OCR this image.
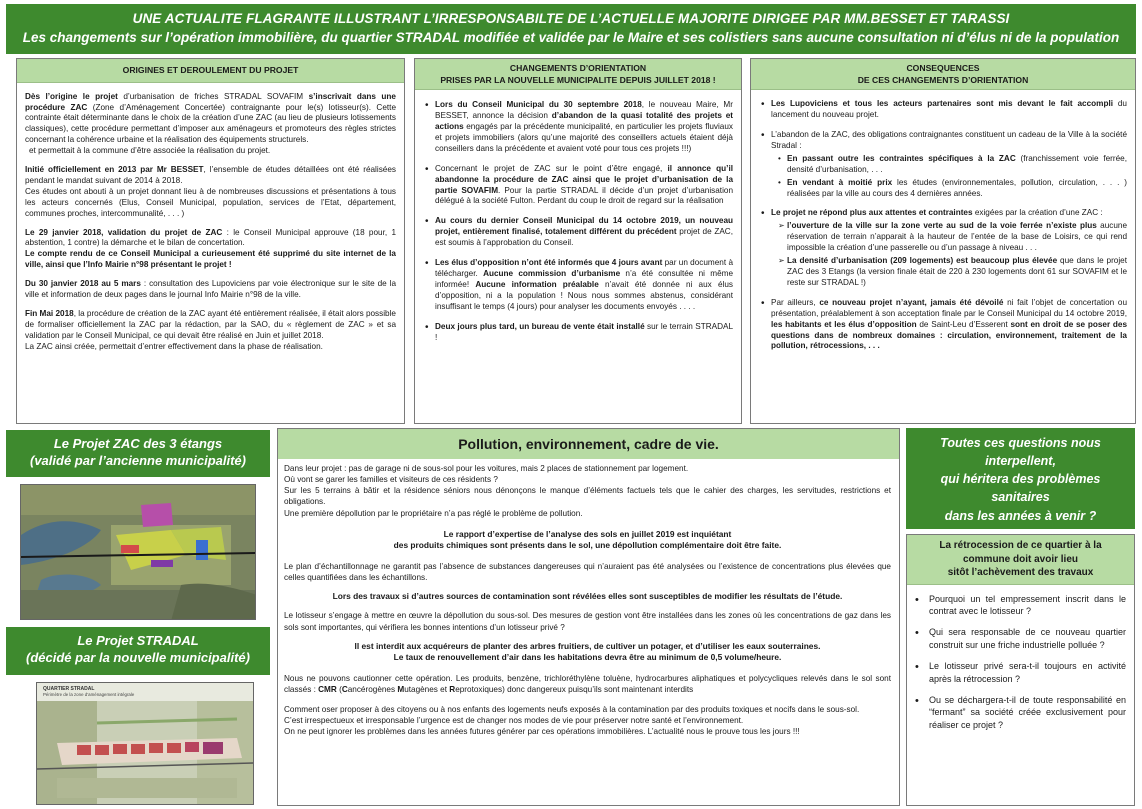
UNE ACTUALITE FLAGRANTE ILLUSTRANT L’IRRESPONSABILTE DE L’ACTUELLE MAJORITE DIRIGEE PAR MM.BESSET ET TARASSI
Les changements sur l’opération immobilière, du quartier STRADAL modifiée et validée par le Maire et ses colistiers sans aucune consultation ni d’élus ni de la population
ORIGINES ET DEROULEMENT DU PROJET
Dès l’origine le projet d’urbanisation de friches STRADAL SOVAFIM s’inscrivait dans une procédure ZAC (Zone d’Aménagement Concertée) contraignante pour le(s) lotisseur(s). Cette contrainte était déterminante dans le choix de la création d’une ZAC (au lieu de plusieurs lotissements classiques), cette procédure permettant d’imposer aux aménageurs et promoteurs des règles strictes concernant la cohérence urbaine et la réalisation des équipements structurels.
et permettait à la commune d’être associée la réalisation du projet.
Initié officiellement en 2013 par Mr BESSET, l’ensemble de études détaillées ont été réalisées pendant le mandat suivant de 2014 à 2018.
Ces études ont abouti à un projet donnant lieu à de nombreuses discussions et présentations à tous les acteurs concernés (Elus, Conseil Municipal, population, services de l’Etat, département, communes proches, intercommunalité, . . . )
Le 29 janvier 2018, validation du projet de ZAC : le Conseil Municipal approuve (18 pour, 1 abstention, 1 contre) la démarche et le bilan de concertation.
Le compte rendu de ce Conseil Municipal a curieusement été supprimé du site internet de la ville, ainsi que l’Info Mairie n°98 présentant le projet !
Du 30 janvier 2018 au 5 mars : consultation des Lupoviciens par voie électronique sur le site de la ville et information de deux pages dans le journal Info Mairie n°98 de la ville.
Fin Mai 2018, la procédure de création de la ZAC ayant été entièrement réalisée, il était alors possible de formaliser officiellement la ZAC par la rédaction, par la SAO, du « règlement de ZAC » et sa validation par le Conseil Municipal, ce qui devait être réalisé en Juin et juillet 2018.
La ZAC ainsi créée, permettait d’entrer effectivement dans la phase de réalisation.
CHANGEMENTS D’ORIENTATION
PRISES PAR LA NOUVELLE MUNICIPALITE DEPUIS JUILLET 2018 !
• Lors du Conseil Municipal du 30 septembre 2018, le nouveau Maire, Mr BESSET, annonce la décision d’abandon de la quasi totalité des projets et actions engagés par la précédente municipalité, en particulier les projets fluviaux et projets immobiliers (alors qu’une majorité des conseillers actuels étaient déjà conseillers dans la précédente et avaient voté pour tous ces projets !!!)
• Concernant le projet de ZAC sur le point d’être engagé, il annonce qu’il abandonne la procédure de ZAC ainsi que le projet d’urbanisation de la partie SOVAFIM. Pour la partie STRADAL il décide d’un projet d’urbanisation délégué à la société Fulton. Perdant du coup le droit de regard sur la réalisation
• Au cours du dernier Conseil Municipal du 14 octobre 2019, un nouveau projet, entièrement finalisé, totalement différent du précédent projet de ZAC, est soumis à l’approbation du Conseil.
• Les élus d’opposition n’ont été informés que 4 jours avant par un document à télécharger. Aucune commission d’urbanisme n’a été consultée ni même informée! Aucune information préalable n’avait été donnée ni aux élus d’opposition, ni a la population ! Nous nous sommes abstenus, considérant insuffisant le temps (4 jours) pour analyser les documents envoyés . . . .
• Deux jours plus tard, un bureau de vente était installé sur le terrain STRADAL !
CONSEQUENCES
DE CES CHANGEMENTS D’ORIENTATION
• Les Lupoviciens et tous les acteurs partenaires sont mis devant le fait accompli du lancement du nouveau projet.
• L’abandon de la ZAC, des obligations contraignantes constituent un cadeau de la Ville à la société Stradal :
• En passant outre les contraintes spécifiques à la ZAC (franchissement voie ferrée, densité d’urbanisation, . . .
• En vendant à moitié prix les études (environnementales, pollution, circulation, . . . ) réalisées par la ville au cours des 4 dernières années.
• Le projet ne répond plus aux attentes et contraintes exigées par la création d’une ZAC :
➢ l’ouverture de la ville sur la zone verte au sud de la voie ferrée n’existe plus aucune réservation de terrain n’apparait à la hauteur de l’entée de la base de Loisirs, ce qui rend impossible la création d’une passerelle ou d’un passage à niveau . . .
➢ La densité d’urbanisation (209 logements) est beaucoup plus élevée que dans le projet ZAC des 3 Etangs (la version finale était de 220 à 230 logements dont 61 sur SOVAFIM et le reste sur STRADAL !)
• Par ailleurs, ce nouveau projet n’ayant, jamais été dévoilé ni fait l’objet de concertation ou présentation, préalablement à son acceptation finale par le Conseil Municipal du 14 octobre 2019, les habitants et les élus d’opposition de Saint-Leu d’Esserent sont en droit de se poser des questions dans de nombreux domaines : circulation, environnement, traitement de la pollution, rétrocessions, . . .
Le Projet ZAC des 3 étangs
(validé par l’ancienne municipalité)
Le Projet STRADAL
(décidé par la nouvelle municipalité)
QUARTIER STRADAL
Périmètre de la zone d’aménagement intégrale
Pollution, environnement, cadre de vie.
Dans leur projet : pas de garage ni de sous-sol pour les voitures, mais 2 places de stationnement par logement.
Où vont se garer les familles et visiteurs de ces résidents ?
Sur les 5 terrains à bâtir et la résidence séniors nous dénonçons le manque d’éléments factuels tels que le cahier des charges, les servitudes, restrictions et obligations.
Une première dépollution par le propriétaire n’a pas réglé le problème de pollution.
Le rapport d’expertise de l’analyse des sols en juillet 2019 est inquiétant
des produits chimiques sont présents dans le sol, une dépollution complémentaire doit être faite.
Le plan d’échantillonnage ne garantit pas l’absence de substances dangereuses qui n’auraient pas été analysées ou l’existence de concentrations plus élevées que celles quantifiées dans les échantillons.
Lors des travaux si d’autres sources de contamination sont révélées elles sont susceptibles de modifier les résultats de l’étude.
Le lotisseur s’engage à mettre en œuvre la dépollution du sous-sol. Des mesures de gestion vont être installées dans les zones où les concentrations de gaz dans les sols sont importantes, qui vérifiera les bonnes intentions d’un lotisseur privé ?
Il est interdit aux acquéreurs de planter des arbres fruitiers, de cultiver un potager, et d’utiliser les eaux souterraines.
Le taux de renouvellement d’air dans les habitations devra être au minimum de 0,5 volume/heure.
Nous ne pouvons cautionner cette opération. Les produits, benzène, trichloréthylène toluène, hydrocarbures aliphatiques et polycycliques relevés dans le sol sont classés : CMR (Cancérogènes Mutagènes et Reprotoxiques) donc dangereux puisqu’ils sont maintenant interdits
Comment oser proposer à des citoyens ou à nos enfants des logements neufs exposés à la contamination par des produits toxiques et nocifs dans le sous-sol.
C’est irrespectueux et irresponsable l’urgence est de changer nos modes de vie pour préserver notre santé et l’environnement.
On ne peut ignorer les problèmes dans les années futures générer par ces opérations immobilières. L’actualité nous le prouve tous les jours !!!
Toutes ces questions nous
interpellent,
qui héritera des problèmes
sanitaires
dans les années à venir ?
La rétrocession de ce quartier à la
commune doit avoir lieu
sitôt l’achèvement des travaux
• Pourquoi un tel empressement inscrit dans le contrat avec le lotisseur ?
• Qui sera responsable de ce nouveau quartier construit sur une friche industrielle polluée ?
• Le lotisseur privé sera-t-il toujours en activité après la rétrocession ?
• Ou se déchargera-t-il de toute responsabilité en “fermant” sa société créée exclusivement pour réaliser ce projet ?
